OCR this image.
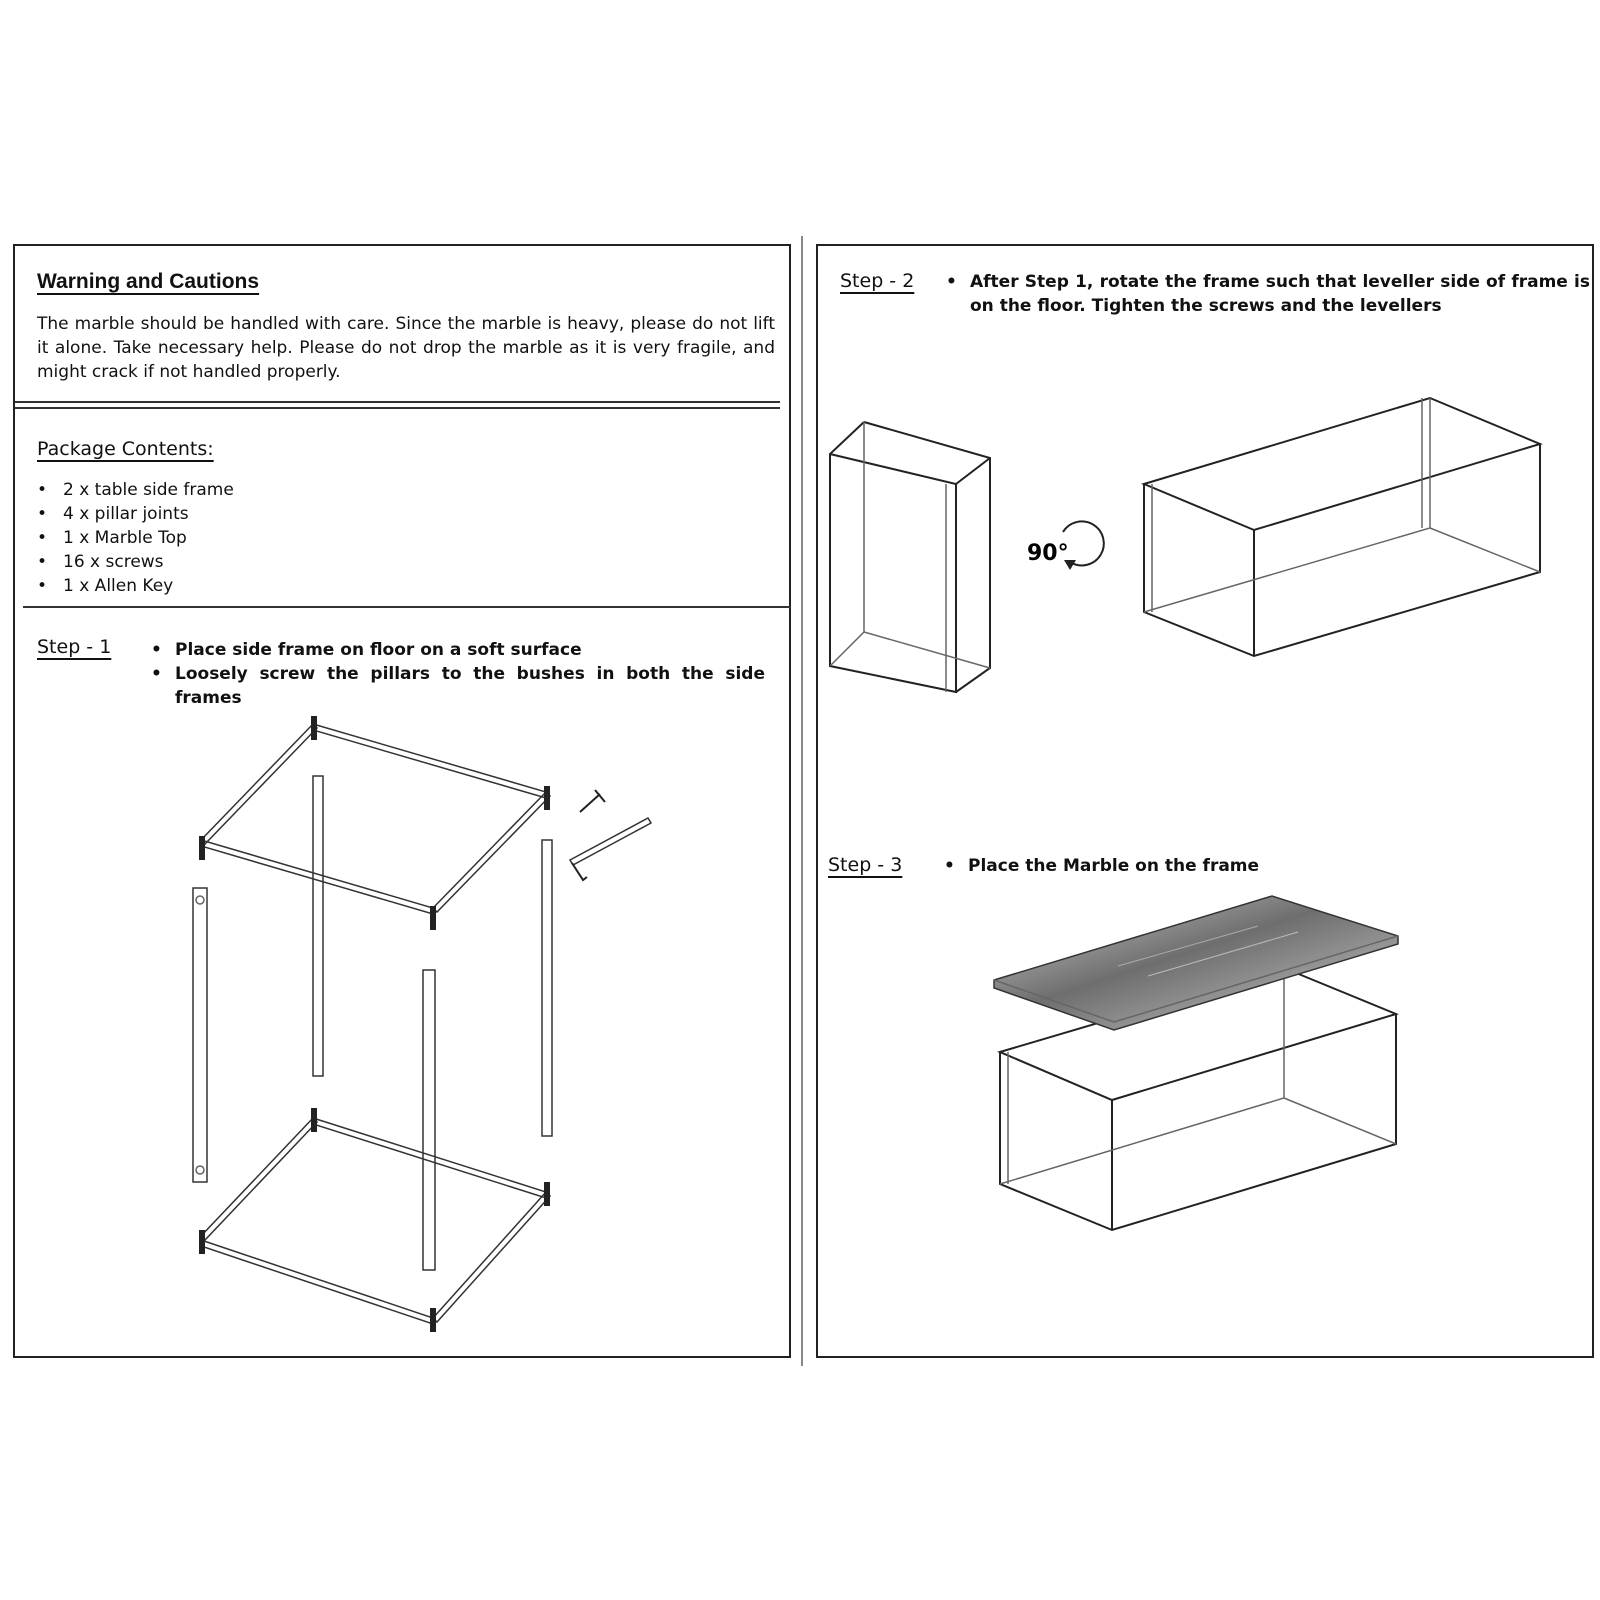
Warning and Cautions
The marble should be handled with care. Since the marble is heavy, please do not lift it alone. Take necessary help. Please do not drop the marble as it is very fragile, and might crack if not handled properly.
Package Contents:
• 2 x table side frame
• 4 x pillar joints
• 1 x Marble Top
• 16 x screws
• 1 x Allen Key
Step - 1	• Place side frame on floor on a soft surface
• Loosely screw the pillars to the bushes in both the side frames
Step - 2	• After Step 1, rotate the frame such that leveller side of frame is on the floor. Tighten the screws and the levellers
90°
Step - 3	• Place the Marble on the frame
